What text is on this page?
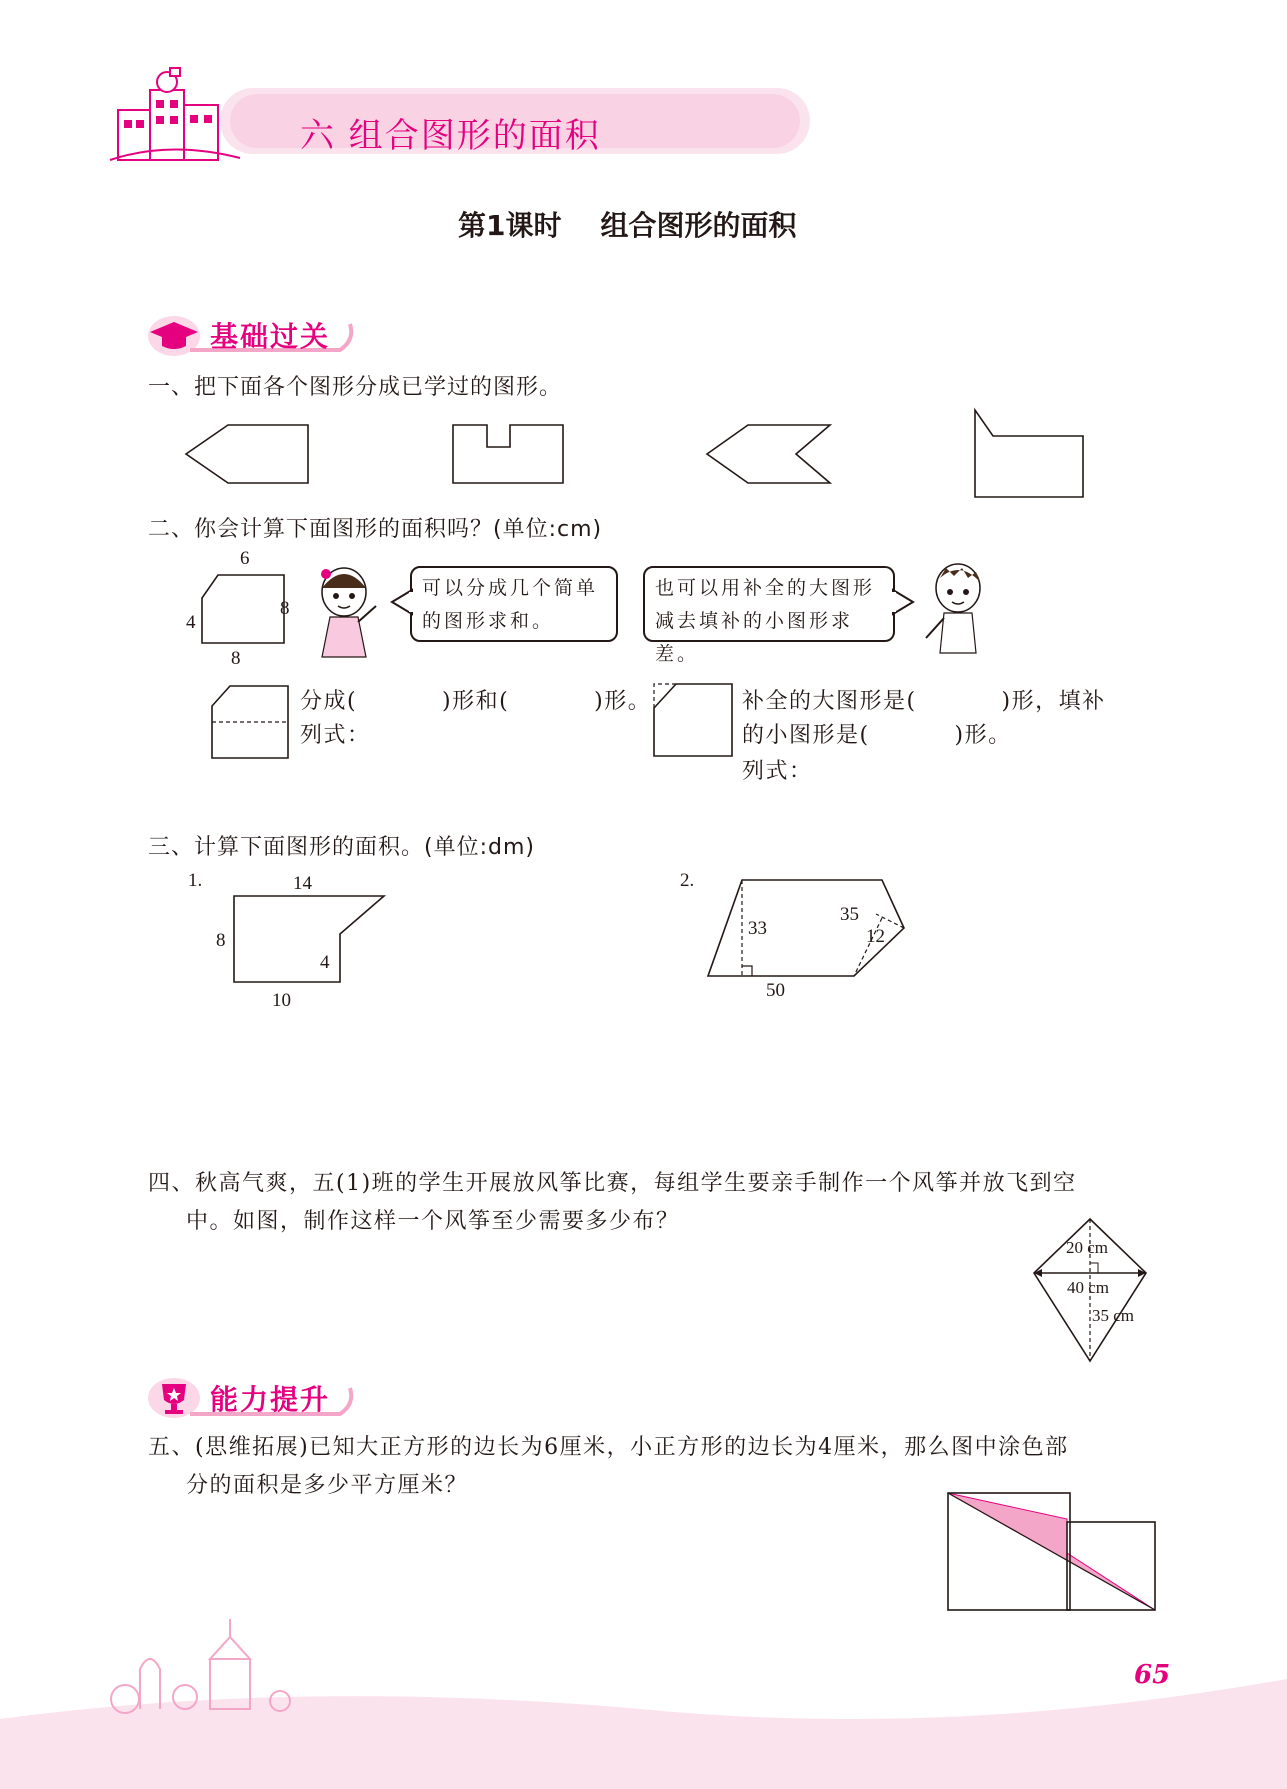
六 组合图形的面积
第1课时    组合图形的面积
基础过关
一、把下面各个图形分成已学过的图形。
二、你会计算下面图形的面积吗？(单位:cm)
6
4
8
8
可以分成几个简单
的图形求和。
也可以用补全的大图形
减去填补的小图形求差。
分成(          )形和(          )形。
列式：
补全的大图形是(          )形，填补
的小图形是(          )形。
列式：
三、计算下面图形的面积。(单位:dm)
1.	14
8
4
10
2.
33
35
12
50
四、秋高气爽，五(1)班的学生开展放风筝比赛，每组学生要亲手制作一个风筝并放飞到空
中。如图，制作这样一个风筝至少需要多少布？
20 cm
40 cm
35 cm
能力提升
五、(思维拓展)已知大正方形的边长为6厘米，小正方形的边长为4厘米，那么图中涂色部
分的面积是多少平方厘米？
65
